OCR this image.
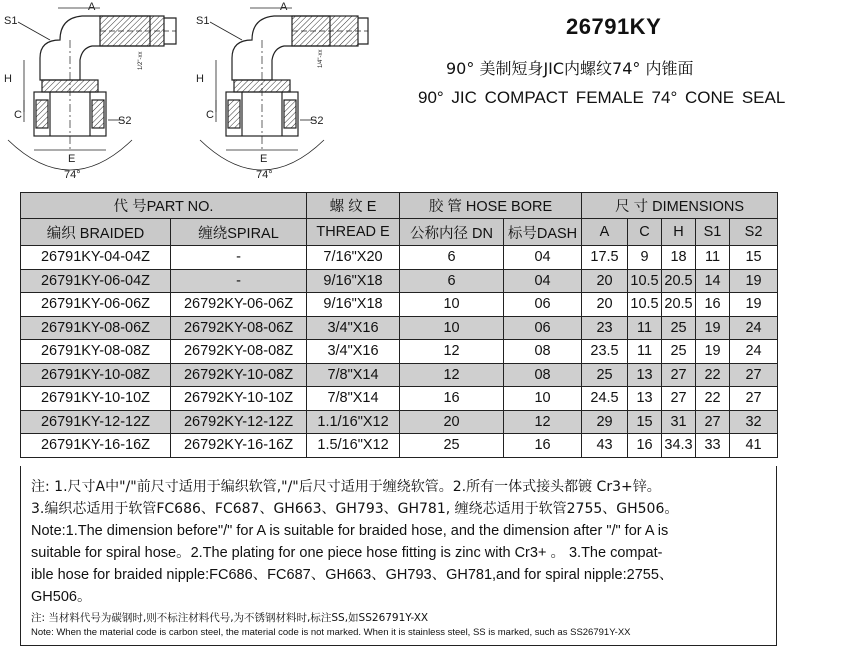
S1
A
H
C	S2
E
74°
1/2"-xx
S1
A
H
C	S2
E
74°
1/4"-xx
26791KY
90° 美制短身JIC内螺纹74° 内锥面
90° JIC COMPACT FEMALE 74° CONE SEAL
代 号PART NO.		螺 纹 E	胶 管 HOSE BORE		尺 寸 DIMENSIONS				
编织 BRAIDED	缠绕SPIRAL	THREAD E	公称内径 DN	标号DASH	A	C	H	S1	S2
26791KY-04-04Z	-	7/16"X20	6	04	17.5	9	18	11	15
26791KY-06-04Z	-	9/16"X18	6	04	20	10.5	20.5	14	19
26791KY-06-06Z	26792KY-06-06Z	9/16"X18	10	06	20	10.5	20.5	16	19
26791KY-08-06Z	26792KY-08-06Z	3/4"X16	10	06	23	11	25	19	24
26791KY-08-08Z	26792KY-08-08Z	3/4"X16	12	08	23.5	11	25	19	24
26791KY-10-08Z	26792KY-10-08Z	7/8"X14	12	08	25	13	27	22	27
26791KY-10-10Z	26792KY-10-10Z	7/8"X14	16	10	24.5	13	27	22	27
26791KY-12-12Z	26792KY-12-12Z	1.1/16"X12	20	12	29	15	31	27	32
26791KY-16-16Z	26792KY-16-16Z	1.5/16"X12	25	16	43	16	34.3	33	41

注: 1.尺寸A中"/"前尺寸适用于编织软管,"/"后尺寸适用于缠绕软管。2.所有一体式接头都镀 Cr3+锌。

3.编织芯适用于软管FC686、FC687、GH663、GH793、GH781, 缠绕芯适用于软管2755、GH506。

Note:1.The dimension before"/" for A is suitable for braided hose, and the dimension after "/" for A is

suitable for spiral hose。2.The plating for one piece hose fitting is zinc with Cr3+ 。 3.The compat-

ible hose for braided nipple:FC686、FC687、GH663、GH793、GH781,and for spiral nipple:2755、

GH506。

注: 当材料代号为碳钢时,则不标注材料代号,为不锈钢材料时,标注SS,如SS26791Y-XX

Note: When the material code is carbon steel, the material code is not marked. When it is stainless steel, SS is marked, such as SS26791Y-XX
